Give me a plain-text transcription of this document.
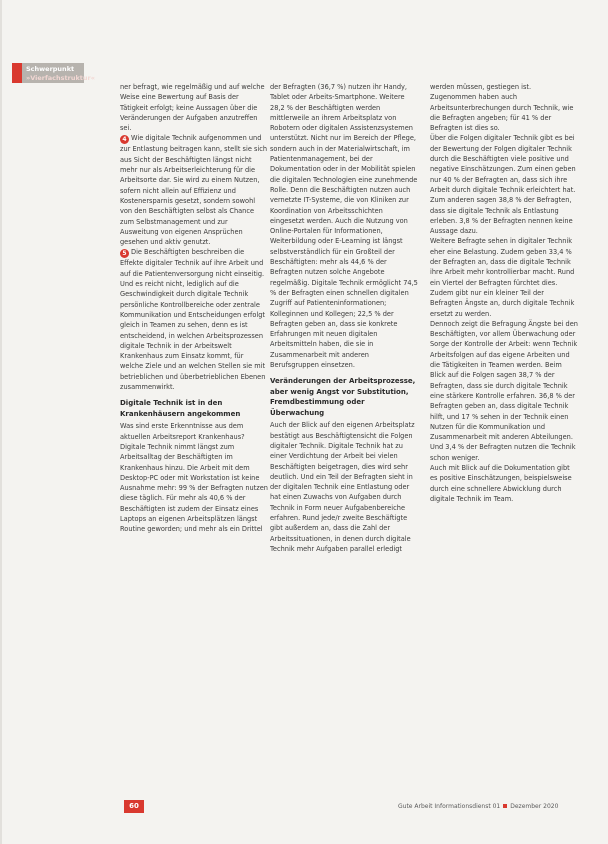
Schwerpunkt
»Vierfachstruktur«

ner befragt, wie regelmäßig und auf welche Weise eine Bewertung auf Basis der Tätigkeit erfolgt; keine Aussagen über die Veränderungen der Aufgaben anzutreffen sei.

4 Wie digitale Technik aufgenommen und zur Entlastung beitragen kann, stellt sie sich aus Sicht der Beschäftigten längst nicht mehr nur als Arbeitserleichterung für die Arbeitsorte dar. Sie wird zu einem Nutzen, sofern nicht allein auf Effizienz und Kostenersparnis gesetzt, sondern sowohl von den Beschäftigten selbst als Chance zum Selbstmanagement und zur Ausweitung von eigenen Ansprüchen gesehen und aktiv genutzt.

5 Die Beschäftigten beschreiben die Effekte digitaler Technik auf ihre Arbeit und auf die Patientenversorgung nicht einseitig. Und es reicht nicht, lediglich auf die Geschwindigkeit durch digitale Technik persönliche Kontrollbereiche oder zentrale Kommunikation und Entscheidungen erfolgt gleich in Teamen zu sehen, denn es ist entscheidend, in welchen Arbeitsprozessen digitale Technik in der Arbeitswelt Krankenhaus zum Einsatz kommt, für welche Ziele und an welchen Stellen sie mit betrieblichen und überbetrieblichen Ebenen zusammenwirkt.

Digitale Technik ist in den Krankenhäusern angekommen

Was sind erste Erkenntnisse aus dem aktuellen Arbeitsreport Krankenhaus? Digitale Technik nimmt längst zum Arbeitsalltag der Beschäftigten im Krankenhaus hinzu. Die Arbeit mit dem Desktop-PC oder mit Workstation ist keine Ausnahme mehr: 99 % der Befragten nutzen diese täglich. Für mehr als 40,6 % der Beschäftigten ist zudem der Einsatz eines Laptops an eigenen Arbeitsplätzen längst Routine geworden; und mehr als ein Drittel

der Befragten (36,7 %) nutzen ihr Handy, Tablet oder Arbeits-Smartphone. Weitere 28,2 % der Beschäftigten werden mittlerweile an ihrem Arbeitsplatz von Robotern oder digitalen Assistenzsystemen unterstützt. Nicht nur im Bereich der Pflege, sondern auch in der Materialwirtschaft, im Patientenmanagement, bei der Dokumentation oder in der Mobilität spielen die digitalen Technologien eine zunehmende Rolle. Denn die Beschäftigten nutzen auch vernetzte IT-Systeme, die von Kliniken zur Koordination von Arbeitsschichten eingesetzt werden. Auch die Nutzung von Online-Portalen für Informationen, Weiterbildung oder E-Learning ist längst selbstverständlich für ein Großteil der Beschäftigten: mehr als 44,6 % der Befragten nutzen solche Angebote regelmäßig. Digitale Technik ermöglicht 74,5 % der Befragten einen schnellen digitalen Zugriff auf Patienteninformationen; Kolleginnen und Kollegen; 22,5 % der Befragten geben an, dass sie konkrete Erfahrungen mit neuen digitalen Arbeitsmitteln haben, die sie in Zusammenarbeit mit anderen Berufsgruppen einsetzen.

Veränderungen der Arbeitsprozesse, aber wenig Angst vor Substitution, Fremdbestimmung oder Überwachung

Auch der Blick auf den eigenen Arbeitsplatz bestätigt aus Beschäftigtensicht die Folgen digitaler Technik. Digitale Technik hat zu einer Verdichtung der Arbeit bei vielen Beschäftigten beigetragen, dies wird sehr deutlich. Und ein Teil der Befragten sieht in der digitalen Technik eine Entlastung oder hat einen Zuwachs von Aufgaben durch Technik in Form neuer Aufgabenbereiche erfahren. Rund jede/r zweite Beschäftigte gibt außerdem an, dass die Zahl der Arbeitssituationen, in denen durch digitale Technik mehr Aufgaben parallel erledigt

werden müssen, gestiegen ist. Zugenommen haben auch Arbeitsunterbrechungen durch Technik, wie die Befragten angeben; für 41 % der Befragten ist dies so.

Über die Folgen digitaler Technik gibt es bei der Bewertung der Folgen digitaler Technik durch die Beschäftigten viele positive und negative Einschätzungen. Zum einen geben nur 40 % der Befragten an, dass sich ihre Arbeit durch digitale Technik erleichtert hat. Zum anderen sagen 38,8 % der Befragten, dass sie digitale Technik als Entlastung erleben. 3,8 % der Befragten nennen keine Aussage dazu.

Weitere Befragte sehen in digitaler Technik eher eine Belastung. Zudem geben 33,4 % der Befragten an, dass die digitale Technik ihre Arbeit mehr kontrollierbar macht. Rund ein Viertel der Befragten fürchtet dies. Zudem gibt nur ein kleiner Teil der Befragten Ängste an, durch digitale Technik ersetzt zu werden.

Dennoch zeigt die Befragung Ängste bei den Beschäftigten, vor allem Überwachung oder Sorge der Kontrolle der Arbeit: wenn Technik Arbeitsfolgen auf das eigene Arbeiten und die Tätigkeiten in Teamen werden. Beim Blick auf die Folgen sagen 38,7 % der Befragten, dass sie durch digitale Technik eine stärkere Kontrolle erfahren. 36,8 % der Befragten geben an, dass digitale Technik hilft, und 17 % sehen in der Technik einen Nutzen für die Kommunikation und Zusammenarbeit mit anderen Abteilungen. Und 3,4 % der Befragten nutzen die Technik schon weniger.

Auch mit Blick auf die Dokumentation gibt es positive Einschätzungen, beispielsweise durch eine schnellere Abwicklung durch digitale Technik im Team.

60	Gute Arbeit Informationsdienst 01 Dezember 2020
